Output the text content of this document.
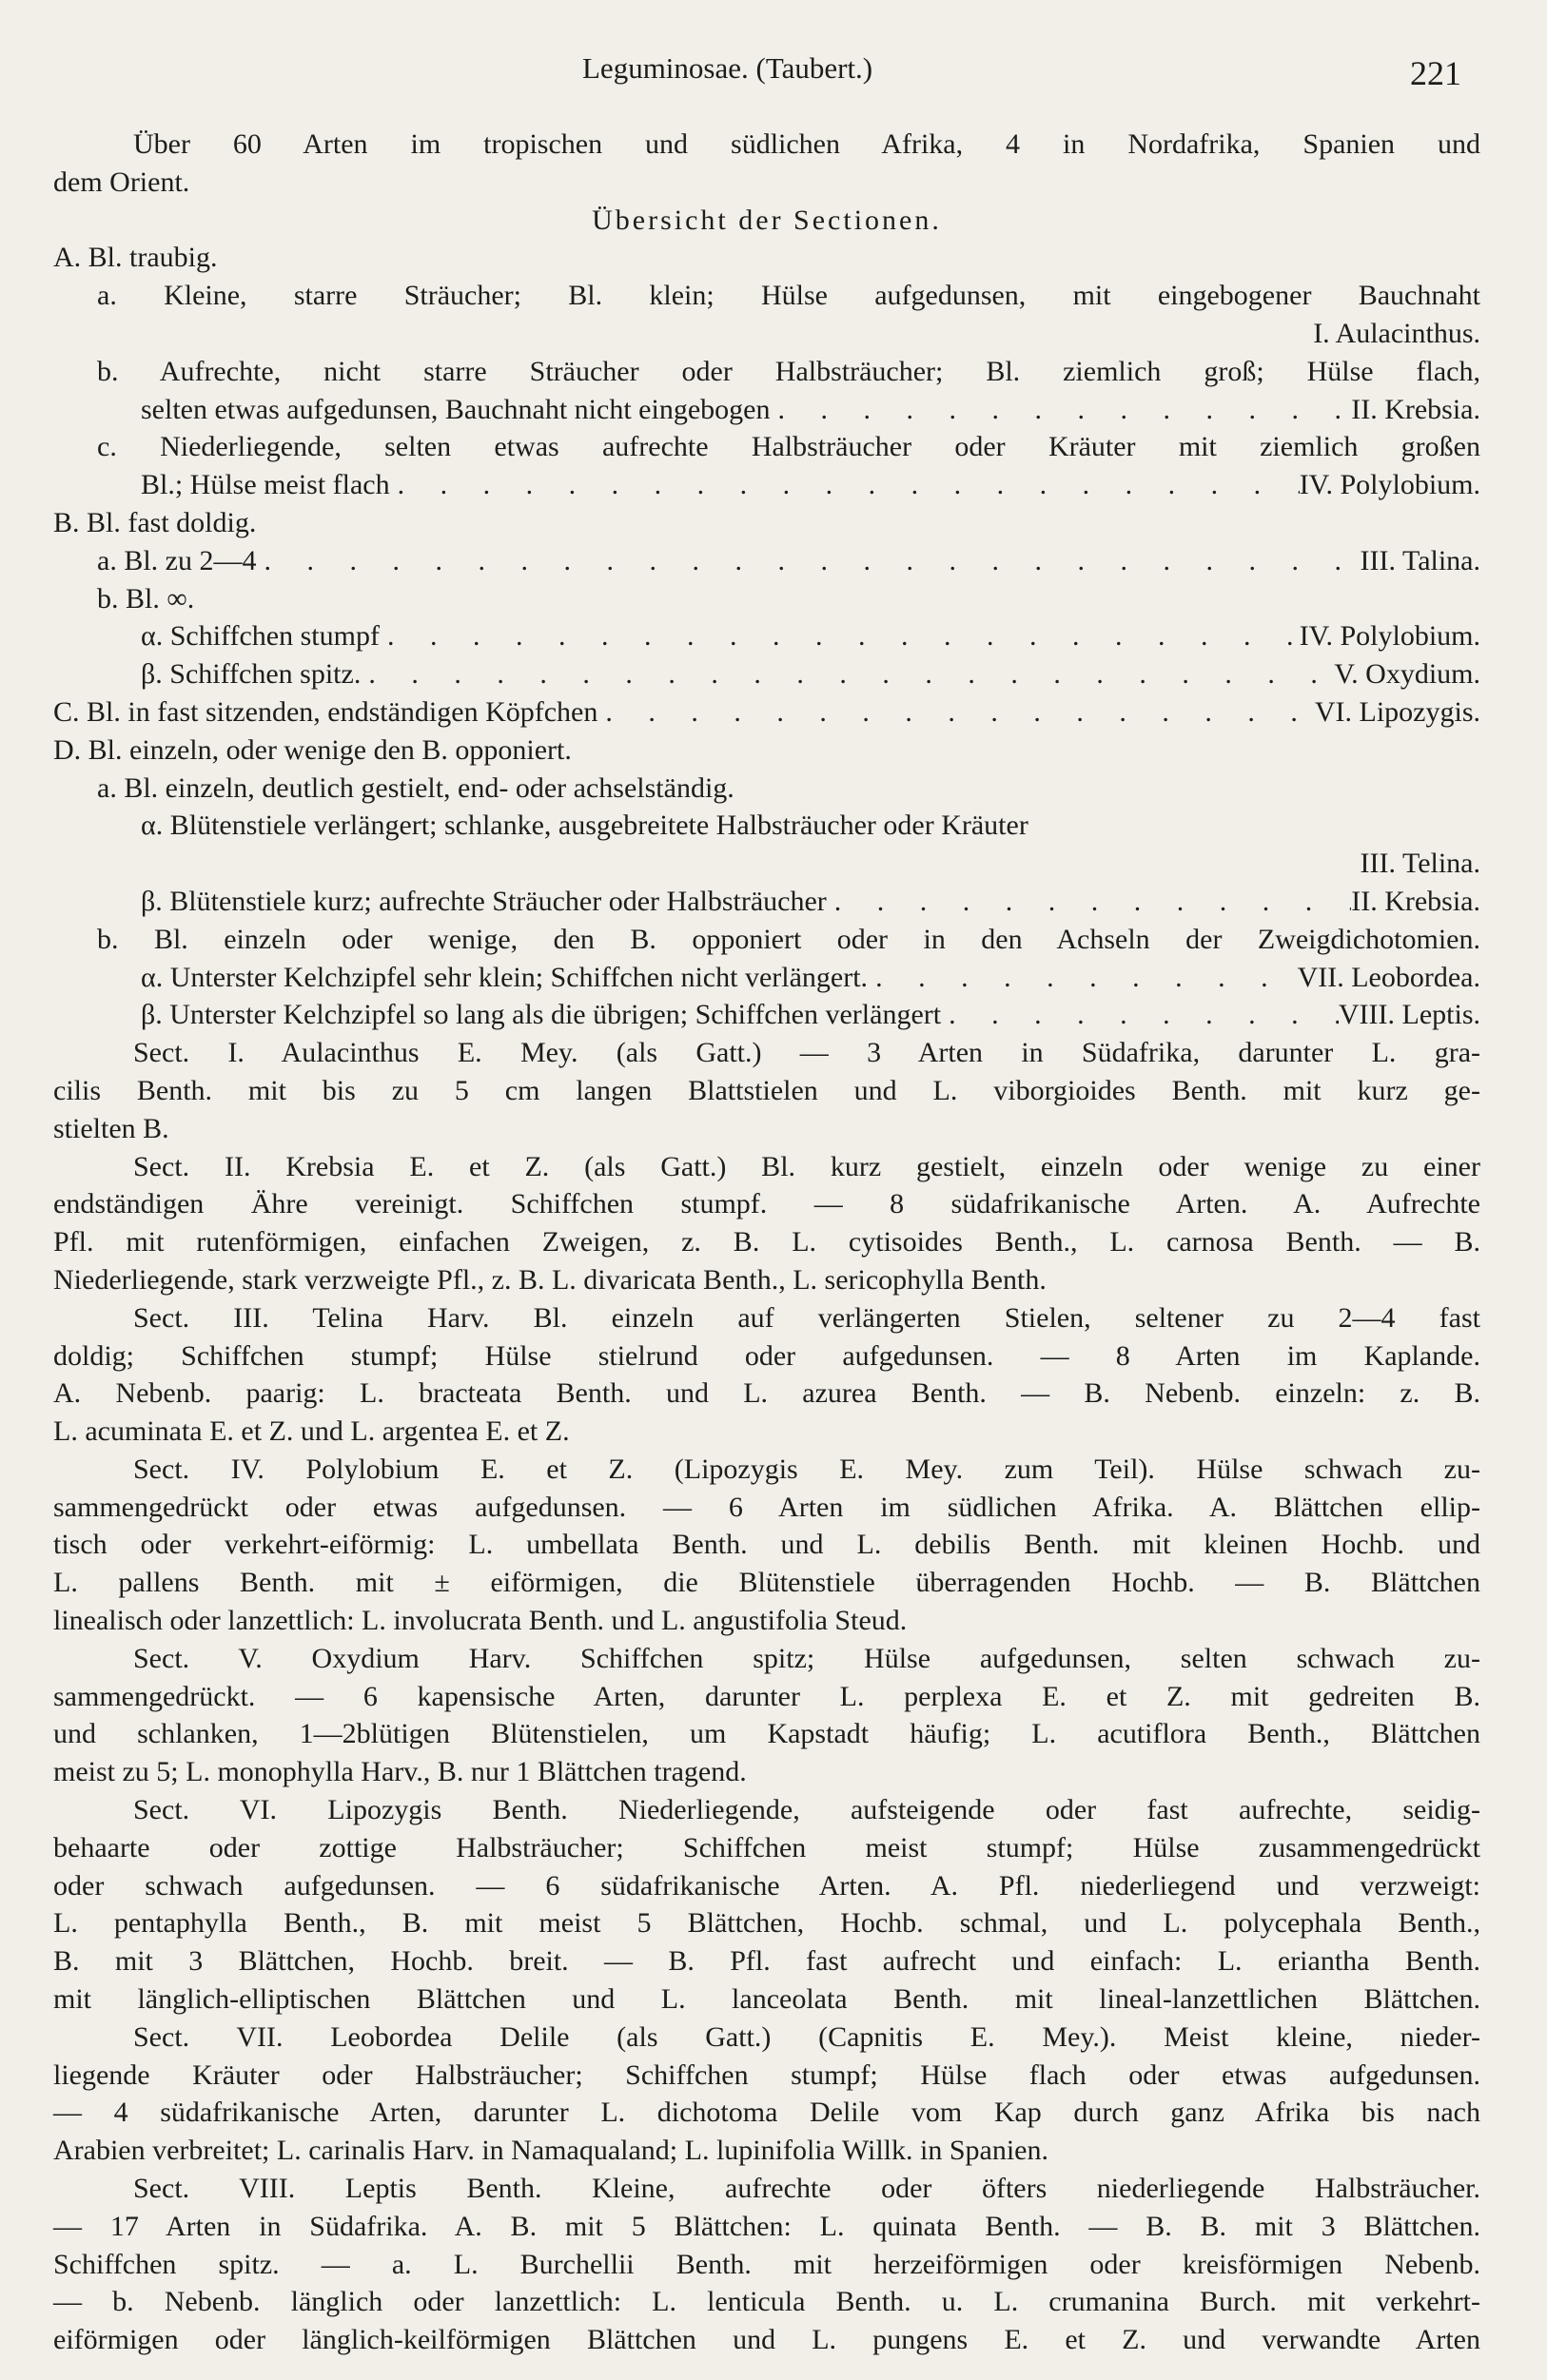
Leguminosae. (Taubert.)	221
Über 60 Arten im tropischen und südlichen Afrika, 4 in Nordafrika, Spanien und
dem Orient.
Übersicht der Sectionen.
A. Bl. traubig.
a. Kleine, starre Sträucher; Bl. klein; Hülse aufgedunsen, mit eingebogener Bauchnaht
I. Aulacinthus.
b. Aufrechte, nicht starre Sträucher oder Halbsträucher; Bl. ziemlich groß; Hülse flach,
selten etwas aufgedunsen, Bauchnaht nicht eingebogen . . .	II. Krebsia.
c. Niederliegende, selten etwas aufrechte Halbsträucher oder Kräuter mit ziemlich großen
Bl.; Hülse meist flach . . .	IV. Polylobium.
B. Bl. fast doldig.
a. Bl. zu 2—4 . . .	III. Talina.
b. Bl. ∞.
α. Schiffchen stumpf . . .	IV. Polylobium.
β. Schiffchen spitz. . . .	V. Oxydium.
C. Bl. in fast sitzenden, endständigen Köpfchen . . .	VI. Lipozygis.
D. Bl. einzeln, oder wenige den B. opponiert.
a. Bl. einzeln, deutlich gestielt, end- oder achselständig.
α. Blütenstiele verlängert; schlanke, ausgebreitete Halbsträucher oder Kräuter
III. Telina.
β. Blütenstiele kurz; aufrechte Sträucher oder Halbsträucher . . .	II. Krebsia.
b. Bl. einzeln oder wenige, den B. opponiert oder in den Achseln der Zweigdichotomien.
α. Unterster Kelchzipfel sehr klein; Schiffchen nicht verlängert. . . .	VII. Leobordea.
β. Unterster Kelchzipfel so lang als die übrigen; Schiffchen verlängert . . .	VIII. Leptis.
Sect. I. Aulacinthus E. Mey. (als Gatt.) — 3 Arten in Südafrika, darunter L. gra-
cilis Benth. mit bis zu 5 cm langen Blattstielen und L. viborgioides Benth. mit kurz ge-
stielten B.
Sect. II. Krebsia E. et Z. (als Gatt.) Bl. kurz gestielt, einzeln oder wenige zu einer
endständigen Ähre vereinigt. Schiffchen stumpf. — 8 südafrikanische Arten. A. Aufrechte
Pfl. mit rutenförmigen, einfachen Zweigen, z. B. L. cytisoides Benth., L. carnosa Benth. — B.
Niederliegende, stark verzweigte Pfl., z. B. L. divaricata Benth., L. sericophylla Benth.
Sect. III. Telina Harv. Bl. einzeln auf verlängerten Stielen, seltener zu 2—4 fast
doldig; Schiffchen stumpf; Hülse stielrund oder aufgedunsen. — 8 Arten im Kaplande.
A. Nebenb. paarig: L. bracteata Benth. und L. azurea Benth. — B. Nebenb. einzeln: z. B.
L. acuminata E. et Z. und L. argentea E. et Z.
Sect. IV. Polylobium E. et Z. (Lipozygis E. Mey. zum Teil). Hülse schwach zu-
sammengedrückt oder etwas aufgedunsen. — 6 Arten im südlichen Afrika. A. Blättchen ellip-
tisch oder verkehrt-eiförmig: L. umbellata Benth. und L. debilis Benth. mit kleinen Hochb. und
L. pallens Benth. mit ± eiförmigen, die Blütenstiele überragenden Hochb. — B. Blättchen
linealisch oder lanzettlich: L. involucrata Benth. und L. angustifolia Steud.
Sect. V. Oxydium Harv. Schiffchen spitz; Hülse aufgedunsen, selten schwach zu-
sammengedrückt. — 6 kapensische Arten, darunter L. perplexa E. et Z. mit gedreiten B.
und schlanken, 1—2blütigen Blütenstielen, um Kapstadt häufig; L. acutiflora Benth., Blättchen
meist zu 5; L. monophylla Harv., B. nur 1 Blättchen tragend.
Sect. VI. Lipozygis Benth. Niederliegende, aufsteigende oder fast aufrechte, seidig-
behaarte oder zottige Halbsträucher; Schiffchen meist stumpf; Hülse zusammengedrückt
oder schwach aufgedunsen. — 6 südafrikanische Arten. A. Pfl. niederliegend und verzweigt:
L. pentaphylla Benth., B. mit meist 5 Blättchen, Hochb. schmal, und L. polycephala Benth.,
B. mit 3 Blättchen, Hochb. breit. — B. Pfl. fast aufrecht und einfach: L. eriantha Benth.
mit länglich-elliptischen Blättchen und L. lanceolata Benth. mit lineal-lanzettlichen Blättchen.
Sect. VII. Leobordea Delile (als Gatt.) (Capnitis E. Mey.). Meist kleine, nieder-
liegende Kräuter oder Halbsträucher; Schiffchen stumpf; Hülse flach oder etwas aufgedunsen.
— 4 südafrikanische Arten, darunter L. dichotoma Delile vom Kap durch ganz Afrika bis nach
Arabien verbreitet; L. carinalis Harv. in Namaqualand; L. lupinifolia Willk. in Spanien.
Sect. VIII. Leptis Benth. Kleine, aufrechte oder öfters niederliegende Halbsträucher.
— 17 Arten in Südafrika. A. B. mit 5 Blättchen: L. quinata Benth. — B. B. mit 3 Blättchen.
Schiffchen spitz. — a. L. Burchellii Benth. mit herzeiförmigen oder kreisförmigen Nebenb.
— b. Nebenb. länglich oder lanzettlich: L. lenticula Benth. u. L. crumanina Burch. mit verkehrt-
eiförmigen oder länglich-keilförmigen Blättchen und L. pungens E. et Z. und verwandte Arten
